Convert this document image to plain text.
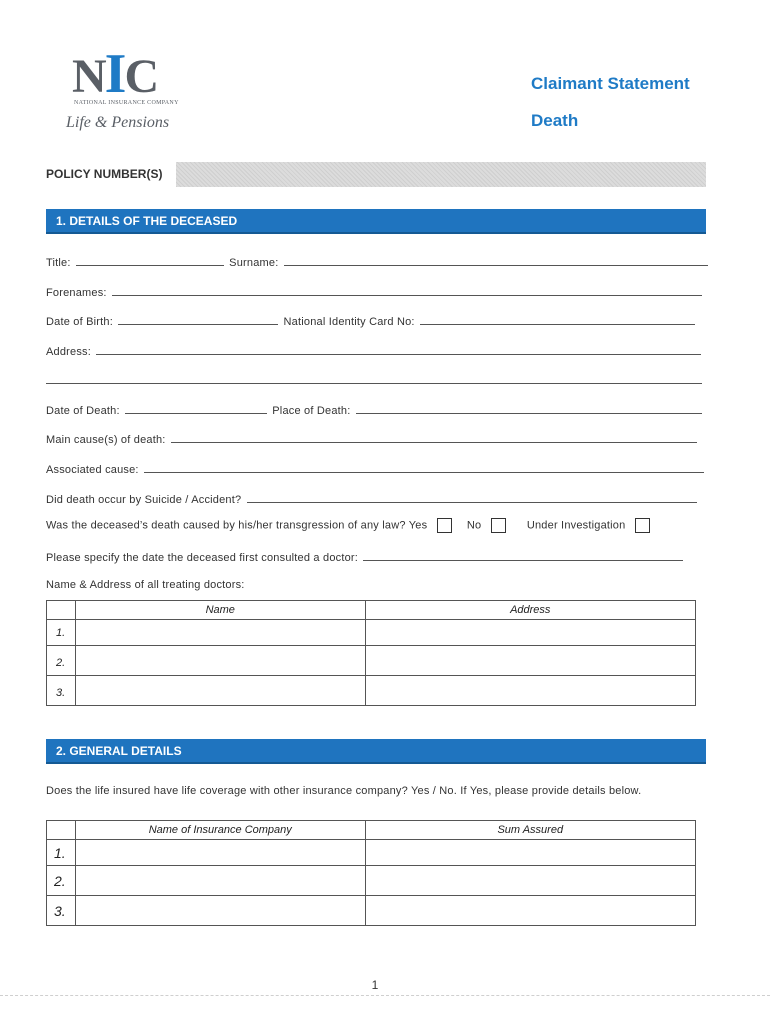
NIC
NATIONAL INSURANCE COMPANY
Life & Pensions
Claimant Statement
Death
POLICY NUMBER(S)
1. DETAILS OF THE DECEASED
Title:	Surname:
Forenames:
Date of Birth:	National Identity Card No:
Address:
Date of Death:	Place of Death:
Main cause(s) of death:
Associated cause:
Did death occur by Suicide / Accident?
Was the deceased’s death caused by his/her transgression of any law? Yes	No	Under Investigation
Please specify the date the deceased first consulted a doctor:
Name & Address of all treating doctors:
	Name	Address
1.		
2.		
3.		
2. GENERAL DETAILS
Does the life insured have life coverage with other insurance company? Yes / No. If Yes, please provide details below.
	Name of Insurance Company	Sum Assured
1.		
2.		
3.		
1
